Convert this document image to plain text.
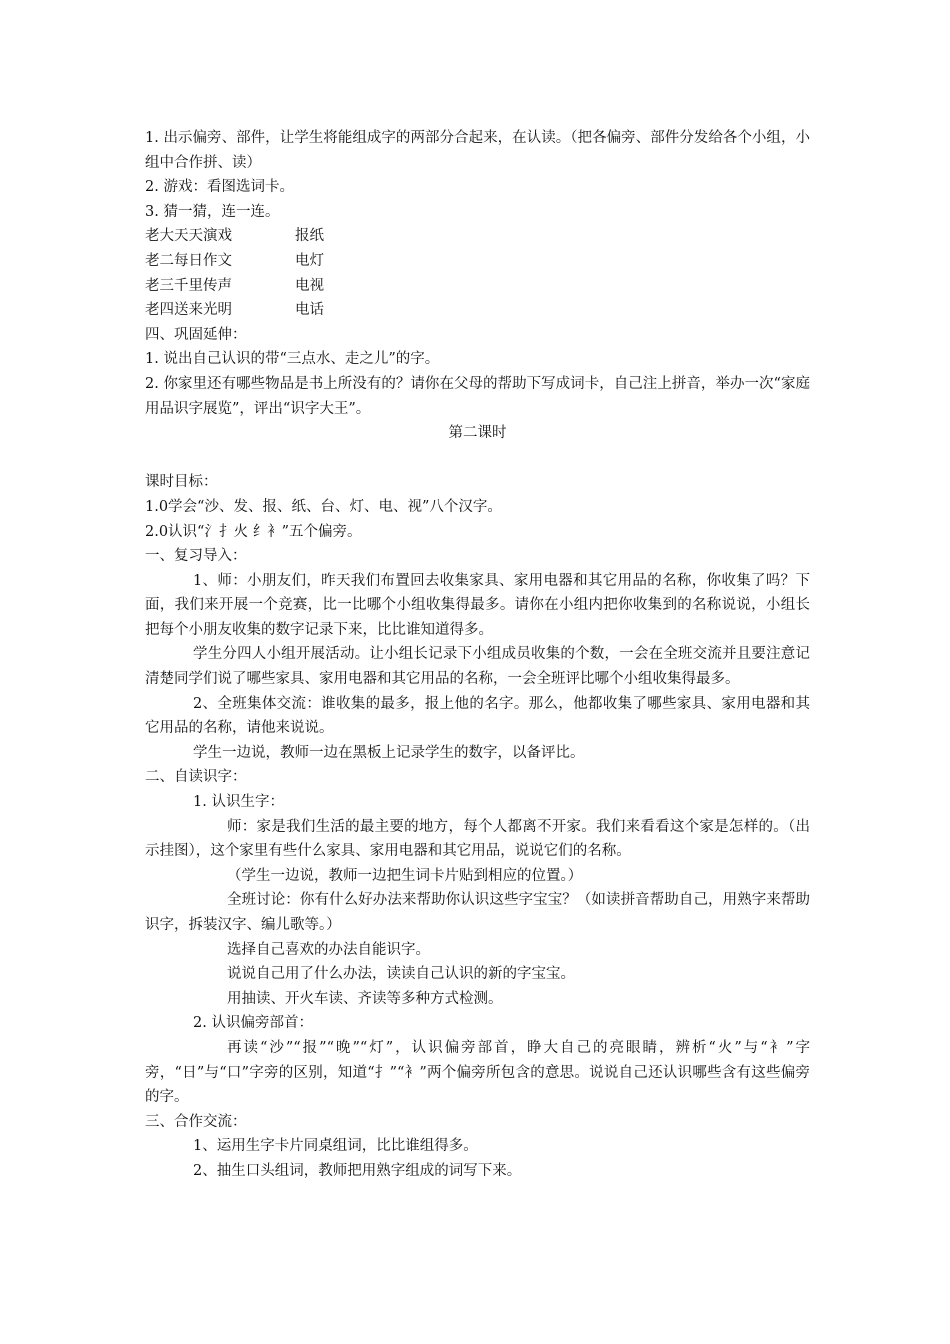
1. 出示偏旁、部件，让学生将能组成字的两部分合起来，在认读。（把各偏旁、部件分发给各个小组，小组中合作拼、读）

2. 游戏：看图选词卡。

3. 猜一猜，连一连。

老大天天演戏	报纸
老二每日作文	电灯
老三千里传声	电视
老四送来光明	电话

四、巩固延伸：

1. 说出自己认识的带“三点水、走之儿”的字。

2. 你家里还有哪些物品是书上所没有的？请你在父母的帮助下写成词卡，自己注上拼音，举办一次“家庭用品识字展览”，评出“识字大王”。

第二课时

课时目标：

1.0学会“沙、发、报、纸、台、灯、电、视”八个汉字。

2.0认识“氵扌火 纟衤”五个偏旁。

一、复习导入：

1、师：小朋友们，昨天我们布置回去收集家具、家用电器和其它用品的名称，你收集了吗？下面，我们来开展一个竞赛，比一比哪个小组收集得最多。请你在小组内把你收集到的名称说说，小组长把每个小朋友收集的数字记录下来，比比谁知道得多。

学生分四人小组开展活动。让小组长记录下小组成员收集的个数，一会在全班交流并且要注意记清楚同学们说了哪些家具、家用电器和其它用品的名称，一会全班评比哪个小组收集得最多。

2、全班集体交流：谁收集的最多，报上他的名字。那么，他都收集了哪些家具、家用电器和其它用品的名称，请他来说说。

学生一边说，教师一边在黑板上记录学生的数字，以备评比。

二、自读识字：

1. 认识生字：

师：家是我们生活的最主要的地方，每个人都离不开家。我们来看看这个家是怎样的。（出示挂图），这个家里有些什么家具、家用电器和其它用品，说说它们的名称。

（学生一边说，教师一边把生词卡片贴到相应的位置。）

全班讨论：你有什么好办法来帮助你认识这些字宝宝？（如读拼音帮助自己，用熟字来帮助识字，拆装汉字、编儿歌等。）

选择自己喜欢的办法自能识字。

说说自己用了什么办法，读读自己认识的新的字宝宝。

用抽读、开火车读、齐读等多种方式检测。

2. 认识偏旁部首：

再读“沙”“报”“晚”“灯”，认识偏旁部首，睁大自己的亮眼睛，辨析“火”与“衤”字旁，“日”与“口”字旁的区别，知道“扌”“衤”两个偏旁所包含的意思。说说自己还认识哪些含有这些偏旁的字。

三、合作交流：

1、运用生字卡片同桌组词，比比谁组得多。

2、抽生口头组词，教师把用熟字组成的词写下来。
